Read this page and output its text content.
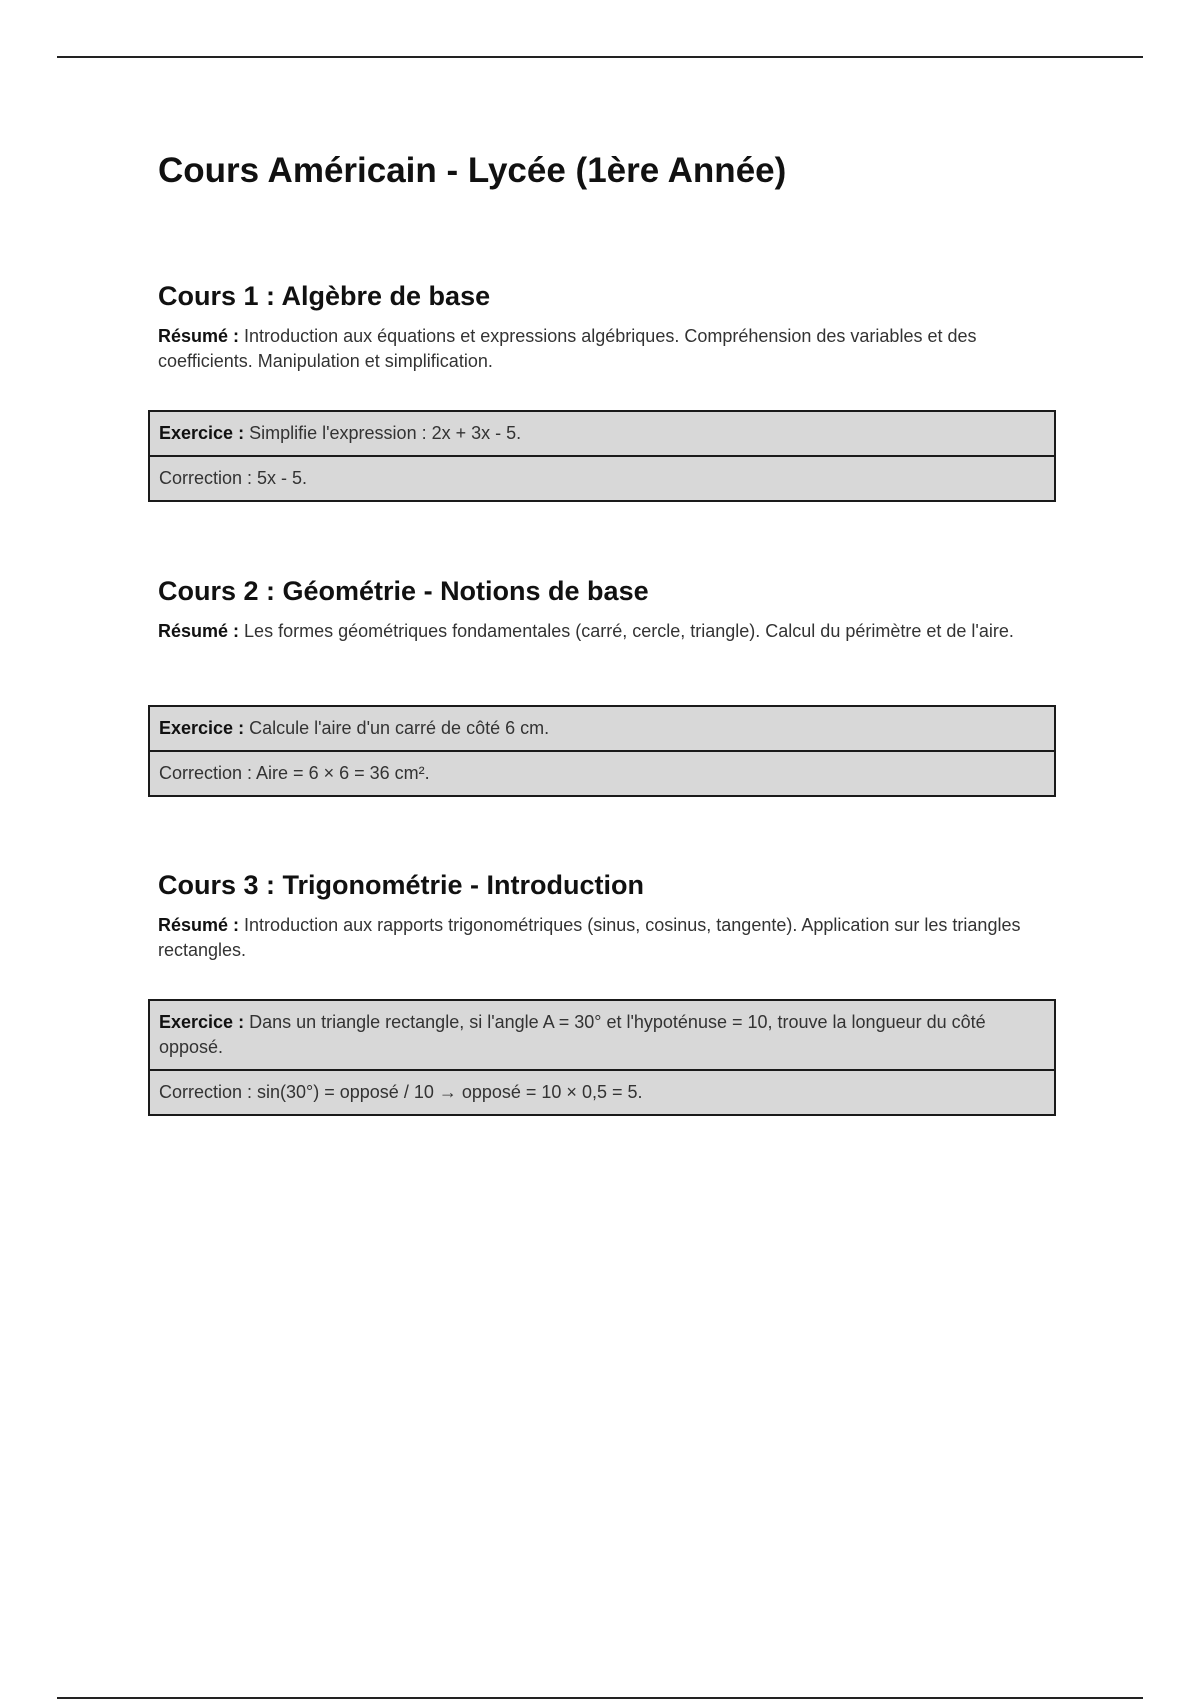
Cours Américain - Lycée (1ère Année)
Cours 1 : Algèbre de base

Résumé : Introduction aux équations et expressions algébriques. Compréhension des variables et des coefficients. Manipulation et simplification.

Exercice : Simplifie l'expression : 2x + 3x - 5.
Correction : 5x - 5.
Cours 2 : Géométrie - Notions de base

Résumé : Les formes géométriques fondamentales (carré, cercle, triangle). Calcul du périmètre et de l'aire.

Exercice : Calcule l'aire d'un carré de côté 6 cm.
Correction : Aire = 6 × 6 = 36 cm².
Cours 3 : Trigonométrie - Introduction

Résumé : Introduction aux rapports trigonométriques (sinus, cosinus, tangente). Application sur les triangles rectangles.

Exercice : Dans un triangle rectangle, si l'angle A = 30° et l'hypoténuse = 10, trouve la longueur du côté opposé.
Correction : sin(30°) = opposé / 10 → opposé = 10 × 0,5 = 5.
